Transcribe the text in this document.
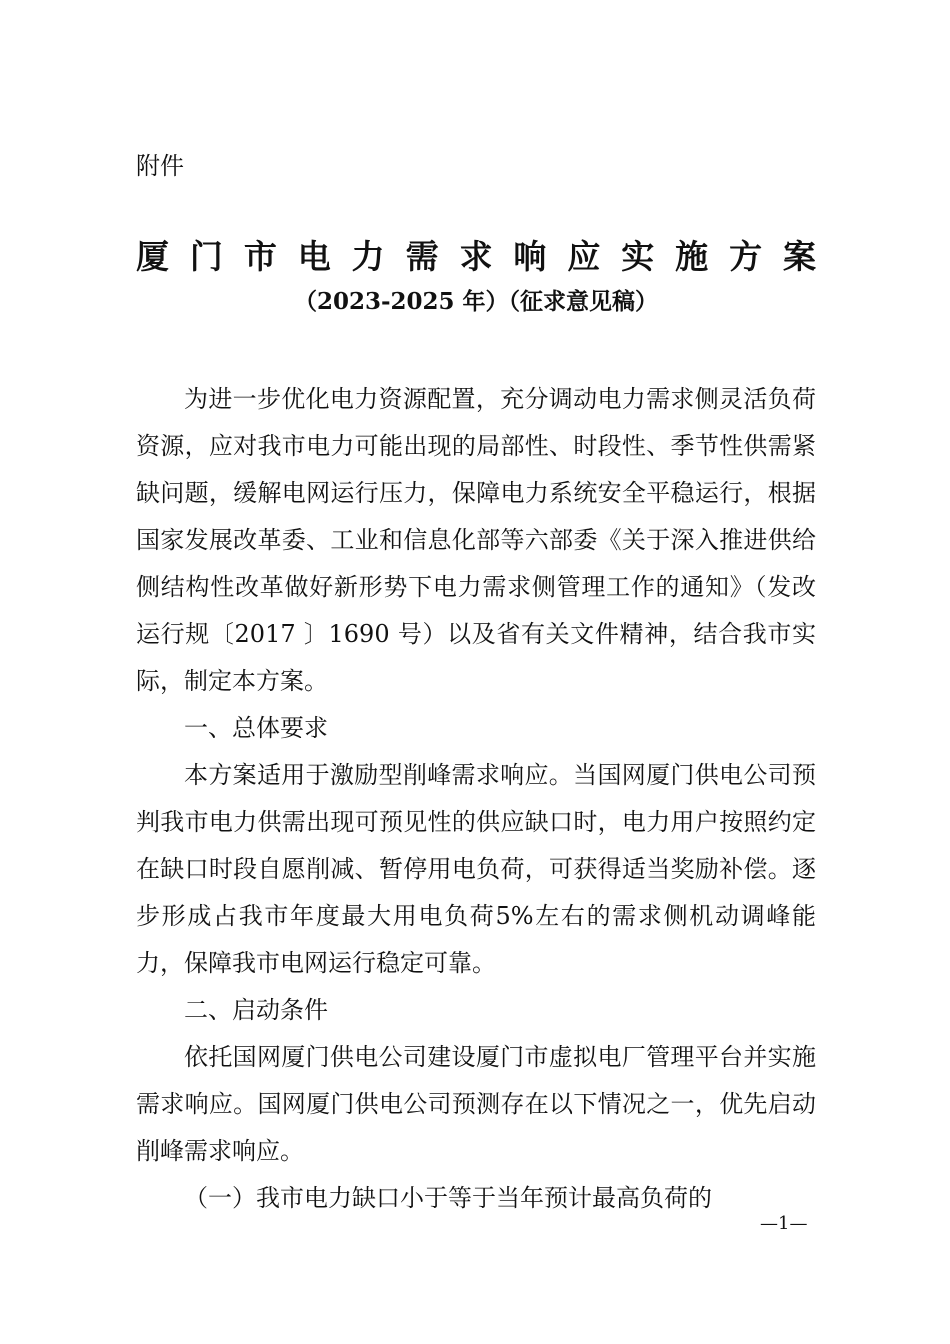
附件
厦门市电力需求响应实施方案
（2023-2025 年）（征求意见稿）

为进一步优化电力资源配置，充分调动电力需求侧灵活负荷资源，应对我市电力可能出现的局部性、时段性、季节性供需紧缺问题，缓解电网运行压力，保障电力系统安全平稳运行，根据国家发展改革委、工业和信息化部等六部委《关于深入推进供给侧结构性改革做好新形势下电力需求侧管理工作的通知》（发改运行规〔2017 〕1690 号）以及省有关文件精神，结合我市实际，制定本方案。

一、总体要求

本方案适用于激励型削峰需求响应。当国网厦门供电公司预判我市电力供需出现可预见性的供应缺口时，电力用户按照约定在缺口时段自愿削减、暂停用电负荷，可获得适当奖励补偿。逐步形成占我市年度最大用电负荷5%左右的需求侧机动调峰能力，保障我市电网运行稳定可靠。

二、启动条件

依托国网厦门供电公司建设厦门市虚拟电厂管理平台并实施需求响应。国网厦门供电公司预测存在以下情况之一，优先启动削峰需求响应。

（一）我市电力缺口小于等于当年预计最高负荷的

—1—
